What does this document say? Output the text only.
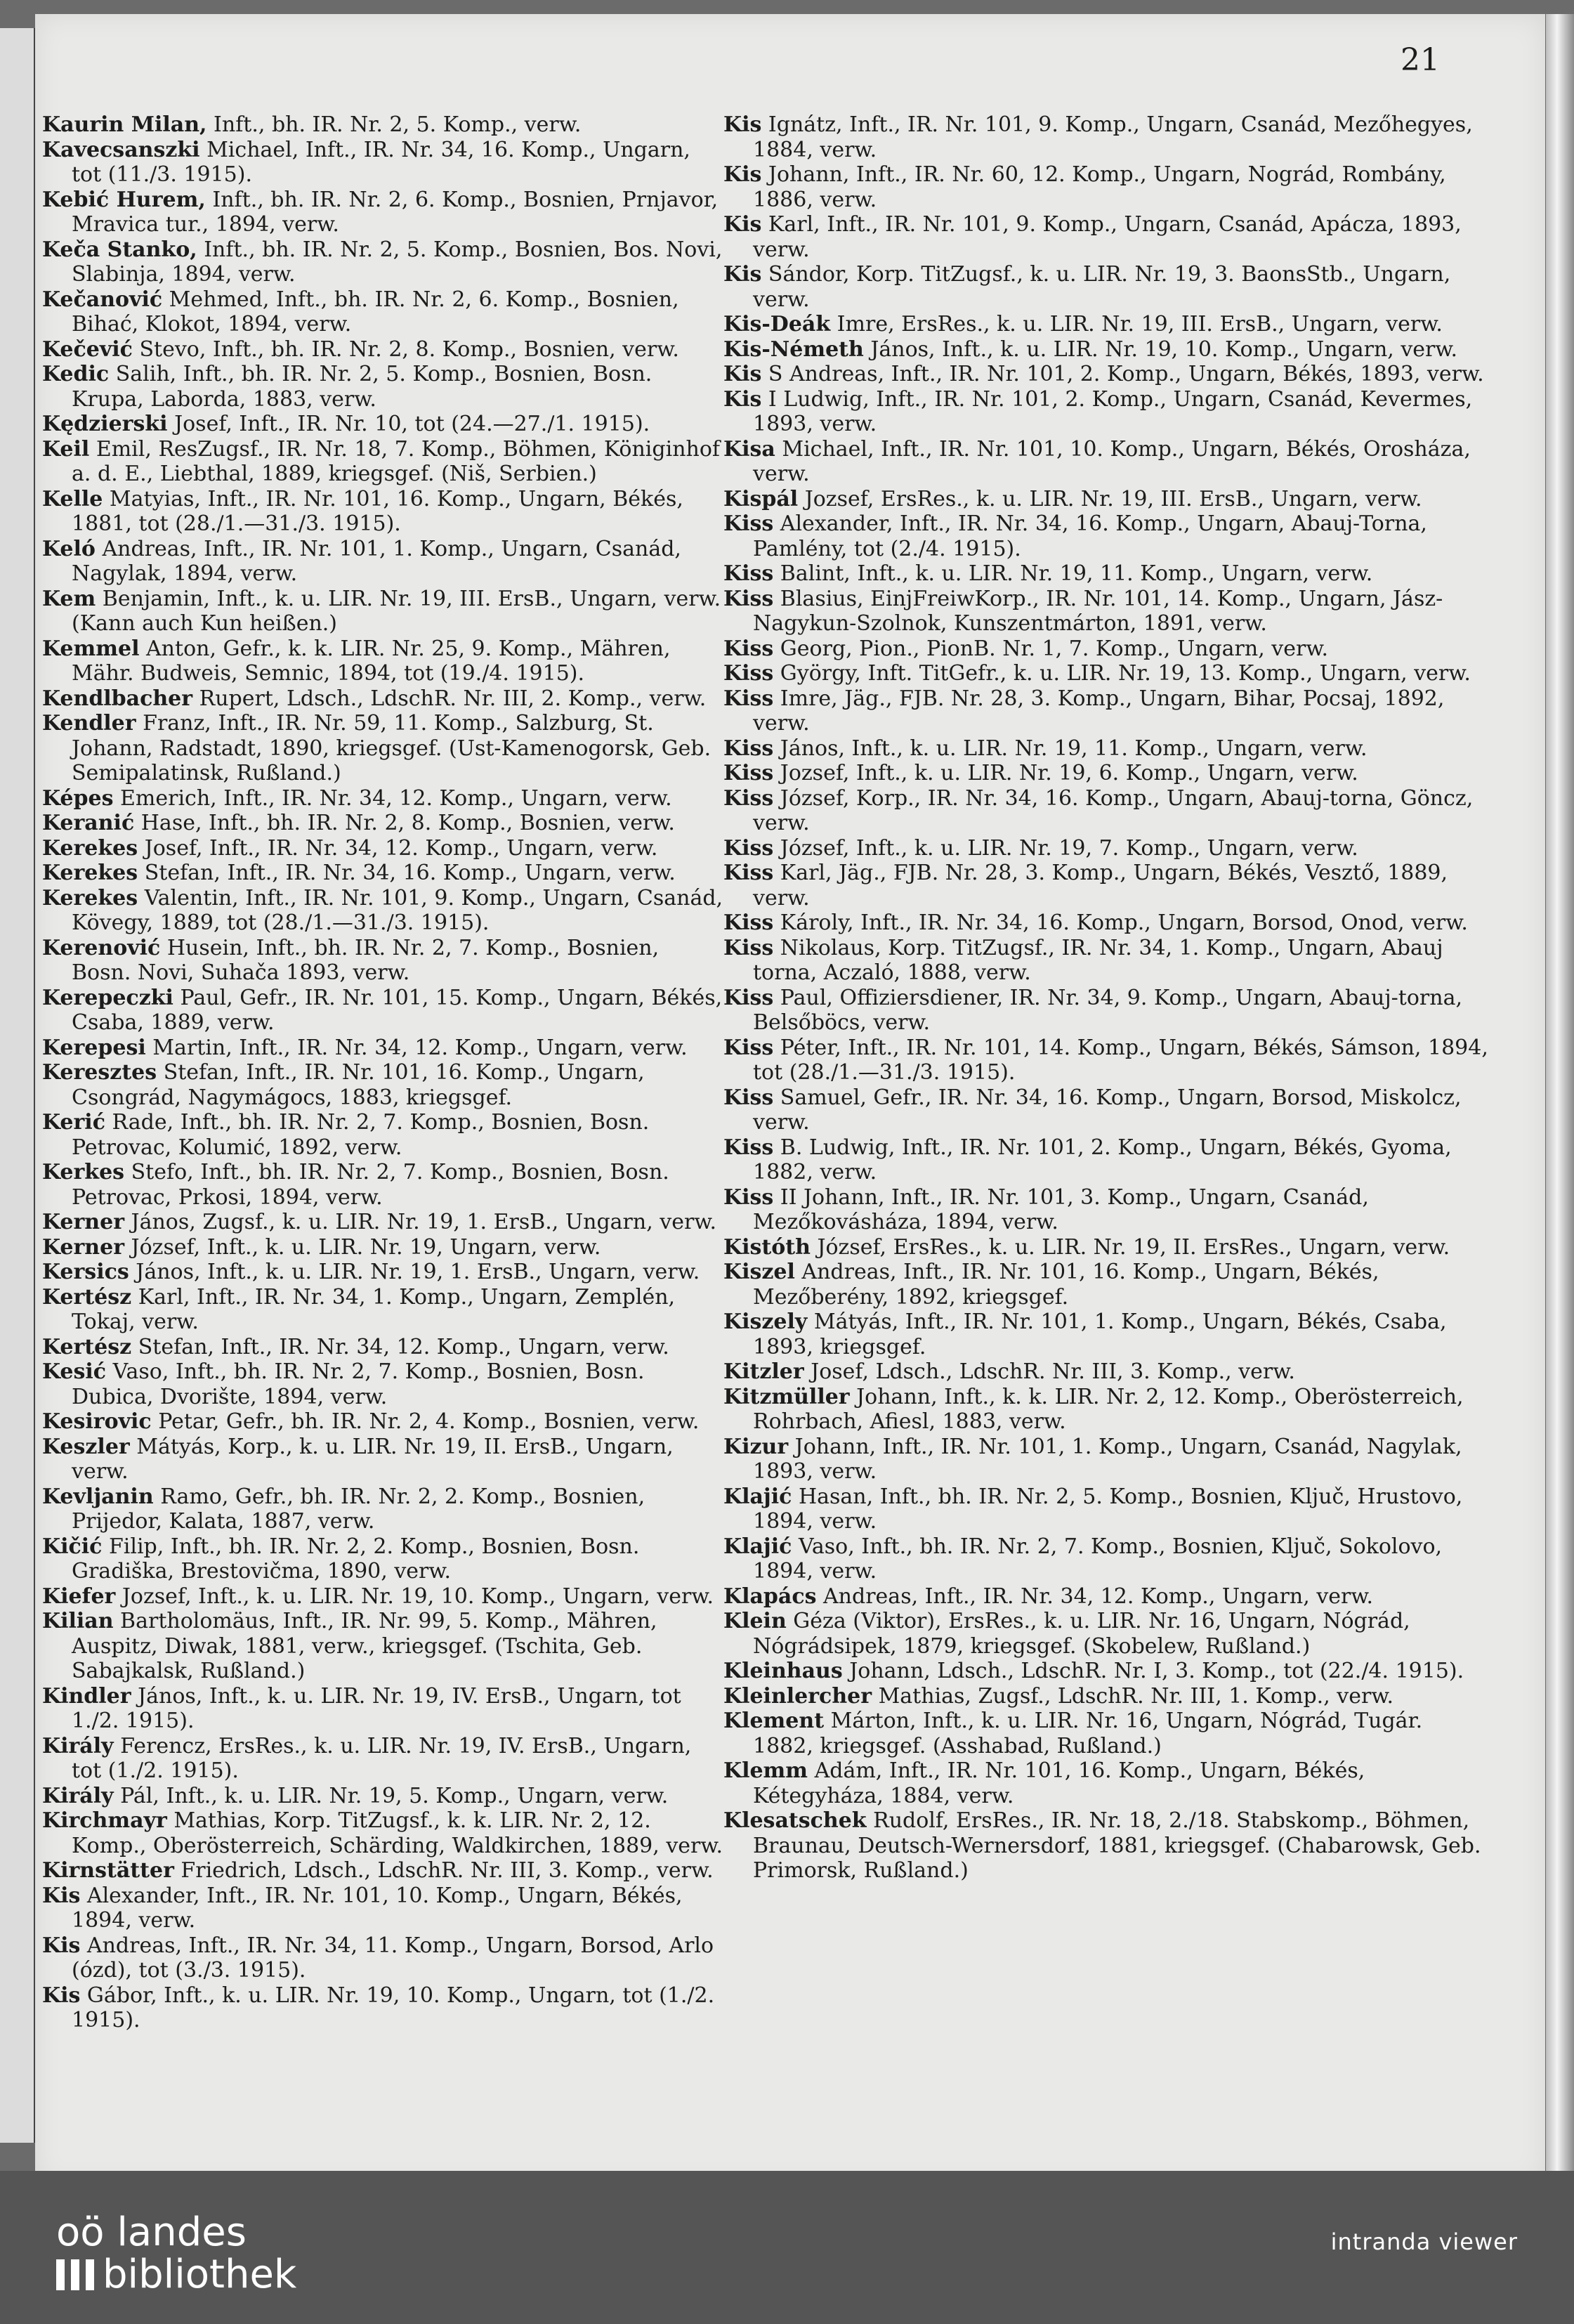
21

Kaurin Milan, Inft., bh. IR. Nr. 2, 5. Komp., verw.

Kavecsanszki Michael, Inft., IR. Nr. 34, 16. Komp., Ungarn, tot (11./3. 1915).

Kebić Hurem, Inft., bh. IR. Nr. 2, 6. Komp., Bosnien, Prnjavor, Mravica tur., 1894, verw.

Keča Stanko, Inft., bh. IR. Nr. 2, 5. Komp., Bosnien, Bos. Novi, Slabinja, 1894, verw.

Kečanović Mehmed, Inft., bh. IR. Nr. 2, 6. Komp., Bosnien, Bihać, Klokot, 1894, verw.

Kečević Stevo, Inft., bh. IR. Nr. 2, 8. Komp., Bosnien, verw.

Kedic Salih, Inft., bh. IR. Nr. 2, 5. Komp., Bosnien, Bosn. Krupa, Laborda, 1883, verw.

Kędzierski Josef, Inft., IR. Nr. 10, tot (24.—27./1. 1915).

Keil Emil, ResZugsf., IR. Nr. 18, 7. Komp., Böhmen, Königinhof a. d. E., Liebthal, 1889, kriegsgef. (Niš, Serbien.)

Kelle Matyias, Inft., IR. Nr. 101, 16. Komp., Ungarn, Békés, 1881, tot (28./1.—31./3. 1915).

Keló Andreas, Inft., IR. Nr. 101, 1. Komp., Ungarn, Csanád, Nagylak, 1894, verw.

Kem Benjamin, Inft., k. u. LIR. Nr. 19, III. ErsB., Ungarn, verw. (Kann auch Kun heißen.)

Kemmel Anton, Gefr., k. k. LIR. Nr. 25, 9. Komp., Mähren, Mähr. Budweis, Semnic, 1894, tot (19./4. 1915).

Kendlbacher Rupert, Ldsch., LdschR. Nr. III, 2. Komp., verw.

Kendler Franz, Inft., IR. Nr. 59, 11. Komp., Salzburg, St. Johann, Radstadt, 1890, kriegsgef. (Ust-Kamenogorsk, Geb. Semipalatinsk, Rußland.)

Képes Emerich, Inft., IR. Nr. 34, 12. Komp., Ungarn, verw.

Keranić Hase, Inft., bh. IR. Nr. 2, 8. Komp., Bosnien, verw.

Kerekes Josef, Inft., IR. Nr. 34, 12. Komp., Ungarn, verw.

Kerekes Stefan, Inft., IR. Nr. 34, 16. Komp., Ungarn, verw.

Kerekes Valentin, Inft., IR. Nr. 101, 9. Komp., Ungarn, Csanád, Kövegy, 1889, tot (28./1.—31./3. 1915).

Kerenović Husein, Inft., bh. IR. Nr. 2, 7. Komp., Bosnien, Bosn. Novi, Suhača 1893, verw.

Kerepeczki Paul, Gefr., IR. Nr. 101, 15. Komp., Ungarn, Békés, Csaba, 1889, verw.

Kerepesi Martin, Inft., IR. Nr. 34, 12. Komp., Ungarn, verw.

Keresztes Stefan, Inft., IR. Nr. 101, 16. Komp., Ungarn, Csongrád, Nagymágocs, 1883, kriegsgef.

Kerić Rade, Inft., bh. IR. Nr. 2, 7. Komp., Bosnien, Bosn. Petrovac, Kolumić, 1892, verw.

Kerkes Stefo, Inft., bh. IR. Nr. 2, 7. Komp., Bosnien, Bosn. Petrovac, Prkosi, 1894, verw.

Kerner János, Zugsf., k. u. LIR. Nr. 19, 1. ErsB., Ungarn, verw.

Kerner József, Inft., k. u. LIR. Nr. 19, Ungarn, verw.

Kersics János, Inft., k. u. LIR. Nr. 19, 1. ErsB., Ungarn, verw.

Kertész Karl, Inft., IR. Nr. 34, 1. Komp., Ungarn, Zemplén, Tokaj, verw.

Kertész Stefan, Inft., IR. Nr. 34, 12. Komp., Ungarn, verw.

Kesić Vaso, Inft., bh. IR. Nr. 2, 7. Komp., Bosnien, Bosn. Dubica, Dvorište, 1894, verw.

Kesirovic Petar, Gefr., bh. IR. Nr. 2, 4. Komp., Bosnien, verw.

Keszler Mátyás, Korp., k. u. LIR. Nr. 19, II. ErsB., Ungarn, verw.

Kevljanin Ramo, Gefr., bh. IR. Nr. 2, 2. Komp., Bosnien, Prijedor, Kalata, 1887, verw.

Kičić Filip, Inft., bh. IR. Nr. 2, 2. Komp., Bosnien, Bosn. Gradiška, Brestovičma, 1890, verw.

Kiefer Jozsef, Inft., k. u. LIR. Nr. 19, 10. Komp., Ungarn, verw.

Kilian Bartholomäus, Inft., IR. Nr. 99, 5. Komp., Mähren, Auspitz, Diwak, 1881, verw., kriegsgef. (Tschita, Geb. Sabajkalsk, Rußland.)

Kindler János, Inft., k. u. LIR. Nr. 19, IV. ErsB., Ungarn, tot 1./2. 1915).

Király Ferencz, ErsRes., k. u. LIR. Nr. 19, IV. ErsB., Ungarn, tot (1./2. 1915).

Király Pál, Inft., k. u. LIR. Nr. 19, 5. Komp., Ungarn, verw.

Kirchmayr Mathias, Korp. TitZugsf., k. k. LIR. Nr. 2, 12. Komp., Oberösterreich, Schärding, Waldkirchen, 1889, verw.

Kirnstätter Friedrich, Ldsch., LdschR. Nr. III, 3. Komp., verw.

Kis Alexander, Inft., IR. Nr. 101, 10. Komp., Ungarn, Békés, 1894, verw.

Kis Andreas, Inft., IR. Nr. 34, 11. Komp., Ungarn, Borsod, Arlo (ózd), tot (3./3. 1915).

Kis Gábor, Inft., k. u. LIR. Nr. 19, 10. Komp., Ungarn, tot (1./2. 1915).

Kis Ignátz, Inft., IR. Nr. 101, 9. Komp., Ungarn, Csanád, Mezőhegyes, 1884, verw.

Kis Johann, Inft., IR. Nr. 60, 12. Komp., Ungarn, Nográd, Rombány, 1886, verw.

Kis Karl, Inft., IR. Nr. 101, 9. Komp., Ungarn, Csanád, Apácza, 1893, verw.

Kis Sándor, Korp. TitZugsf., k. u. LIR. Nr. 19, 3. BaonsStb., Ungarn, verw.

Kis-Deák Imre, ErsRes., k. u. LIR. Nr. 19, III. ErsB., Ungarn, verw.

Kis-Németh János, Inft., k. u. LIR. Nr. 19, 10. Komp., Ungarn, verw.

Kis S Andreas, Inft., IR. Nr. 101, 2. Komp., Ungarn, Békés, 1893, verw.

Kis I Ludwig, Inft., IR. Nr. 101, 2. Komp., Ungarn, Csanád, Kevermes, 1893, verw.

Kisa Michael, Inft., IR. Nr. 101, 10. Komp., Ungarn, Békés, Orosháza, verw.

Kispál Jozsef, ErsRes., k. u. LIR. Nr. 19, III. ErsB., Ungarn, verw.

Kiss Alexander, Inft., IR. Nr. 34, 16. Komp., Ungarn, Abauj-Torna, Pamlény, tot (2./4. 1915).

Kiss Balint, Inft., k. u. LIR. Nr. 19, 11. Komp., Ungarn, verw.

Kiss Blasius, EinjFreiwKorp., IR. Nr. 101, 14. Komp., Ungarn, Jász-Nagykun-Szolnok, Kunszentmárton, 1891, verw.

Kiss Georg, Pion., PionB. Nr. 1, 7. Komp., Ungarn, verw.

Kiss György, Inft. TitGefr., k. u. LIR. Nr. 19, 13. Komp., Ungarn, verw.

Kiss Imre, Jäg., FJB. Nr. 28, 3. Komp., Ungarn, Bihar, Pocsaj, 1892, verw.

Kiss János, Inft., k. u. LIR. Nr. 19, 11. Komp., Ungarn, verw.

Kiss Jozsef, Inft., k. u. LIR. Nr. 19, 6. Komp., Ungarn, verw.

Kiss József, Korp., IR. Nr. 34, 16. Komp., Ungarn, Abauj-torna, Göncz, verw.

Kiss József, Inft., k. u. LIR. Nr. 19, 7. Komp., Ungarn, verw.

Kiss Karl, Jäg., FJB. Nr. 28, 3. Komp., Ungarn, Békés, Vesztő, 1889, verw.

Kiss Károly, Inft., IR. Nr. 34, 16. Komp., Ungarn, Borsod, Onod, verw.

Kiss Nikolaus, Korp. TitZugsf., IR. Nr. 34, 1. Komp., Ungarn, Abauj torna, Aczaló, 1888, verw.

Kiss Paul, Offiziersdiener, IR. Nr. 34, 9. Komp., Ungarn, Abauj-torna, Belsőböcs, verw.

Kiss Péter, Inft., IR. Nr. 101, 14. Komp., Ungarn, Békés, Sámson, 1894, tot (28./1.—31./3. 1915).

Kiss Samuel, Gefr., IR. Nr. 34, 16. Komp., Ungarn, Borsod, Miskolcz, verw.

Kiss B. Ludwig, Inft., IR. Nr. 101, 2. Komp., Ungarn, Békés, Gyoma, 1882, verw.

Kiss II Johann, Inft., IR. Nr. 101, 3. Komp., Ungarn, Csanád, Mezőkovásháza, 1894, verw.

Kistóth József, ErsRes., k. u. LIR. Nr. 19, II. ErsRes., Ungarn, verw.

Kiszel Andreas, Inft., IR. Nr. 101, 16. Komp., Ungarn, Békés, Mezőberény, 1892, kriegsgef.

Kiszely Mátyás, Inft., IR. Nr. 101, 1. Komp., Ungarn, Békés, Csaba, 1893, kriegsgef.

Kitzler Josef, Ldsch., LdschR. Nr. III, 3. Komp., verw.

Kitzmüller Johann, Inft., k. k. LIR. Nr. 2, 12. Komp., Oberösterreich, Rohrbach, Afiesl, 1883, verw.

Kizur Johann, Inft., IR. Nr. 101, 1. Komp., Ungarn, Csanád, Nagylak, 1893, verw.

Klajić Hasan, Inft., bh. IR. Nr. 2, 5. Komp., Bosnien, Ključ, Hrustovo, 1894, verw.

Klajić Vaso, Inft., bh. IR. Nr. 2, 7. Komp., Bosnien, Ključ, Sokolovo, 1894, verw.

Klapács Andreas, Inft., IR. Nr. 34, 12. Komp., Ungarn, verw.

Klein Géza (Viktor), ErsRes., k. u. LIR. Nr. 16, Ungarn, Nógrád, Nógrádsipek, 1879, kriegsgef. (Skobelew, Rußland.)

Kleinhaus Johann, Ldsch., LdschR. Nr. I, 3. Komp., tot (22./4. 1915).

Kleinlercher Mathias, Zugsf., LdschR. Nr. III, 1. Komp., verw.

Klement Márton, Inft., k. u. LIR. Nr. 16, Ungarn, Nógrád, Tugár. 1882, kriegsgef. (Asshabad, Rußland.)

Klemm Adám, Inft., IR. Nr. 101, 16. Komp., Ungarn, Békés, Kétegyháza, 1884, verw.

Klesatschek Rudolf, ErsRes., IR. Nr. 18, 2./18. Stabskomp., Böhmen, Braunau, Deutsch-Wernersdorf, 1881, kriegsgef. (Chabarowsk, Geb. Primorsk, Rußland.)

oö landes
bibliothek
intranda viewer
